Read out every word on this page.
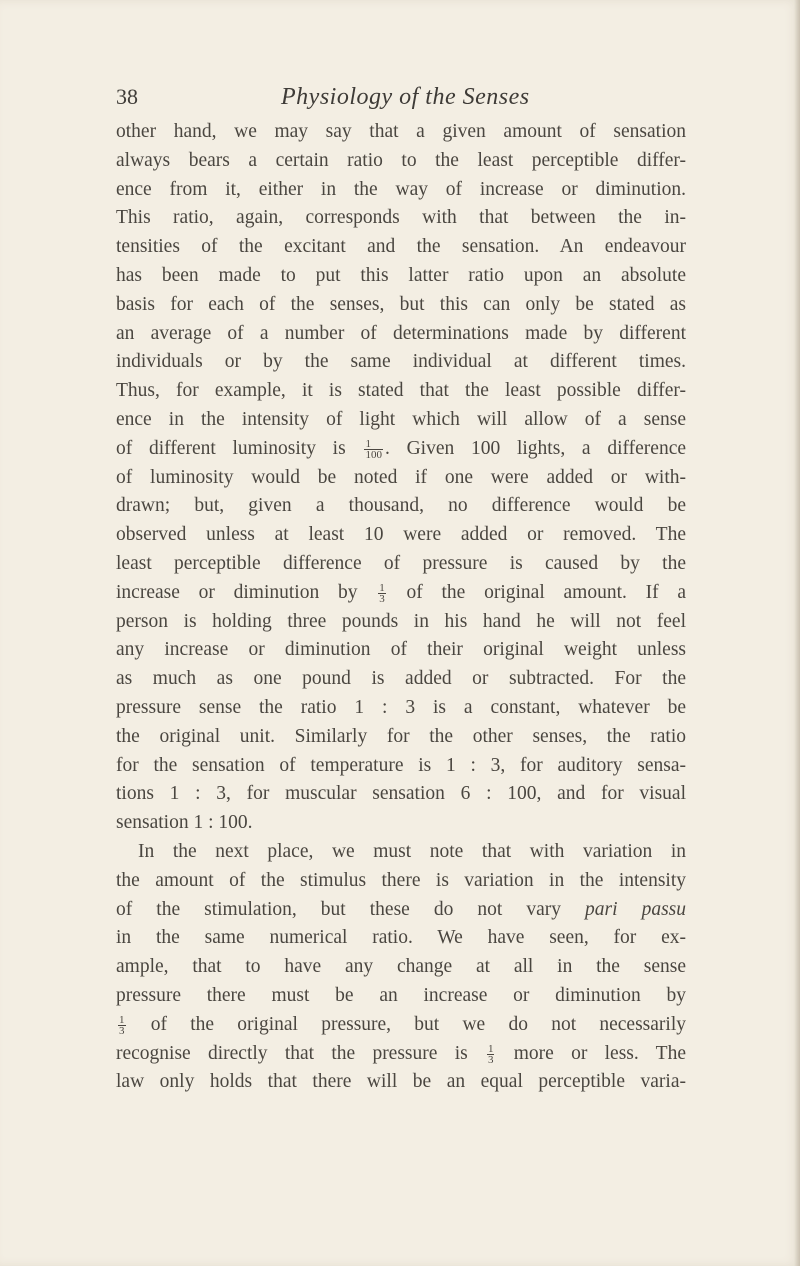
38	Physiology of the Senses
other hand, we may say that a given amount of sensation
always bears a certain ratio to the least perceptible differ-
ence from it, either in the way of increase or diminution.
This ratio, again, corresponds with that between the in-
tensities of the excitant and the sensation. An endeavour
has been made to put this latter ratio upon an absolute
basis for each of the senses, but this can only be stated as
an average of a number of determinations made by different
individuals or by the same individual at different times.
Thus, for example, it is stated that the least possible differ-
ence in the intensity of light which will allow of a sense
of different luminosity is $\frac{1}{100}$ . Given 100 lights, a difference
of luminosity would be noted if one were added or with-
drawn; but, given a thousand, no difference would be
observed unless at least 10 were added or removed. The
least perceptible difference of pressure is caused by the
increase or diminution by $\frac{1}{3}$ of the original amount. If a
person is holding three pounds in his hand he will not feel
any increase or diminution of their original weight unless
as much as one pound is added or subtracted. For the
pressure sense the ratio 1 : 3 is a constant, whatever be
the original unit. Similarly for the other senses, the ratio
for the sensation of temperature is 1 : 3, for auditory sensa-
tions 1 : 3, for muscular sensation 6 : 100, and for visual
sensation 1 : 100.
In the next place, we must note that with variation in
the amount of the stimulus there is variation in the intensity
of the stimulation, but these do not vary pari passu
in the same numerical ratio. We have seen, for ex-
ample, that to have any change at all in the sense
pressure there must be an increase or diminution by
$\frac{1}{3}$ of the original pressure, but we do not necessarily
recognise directly that the pressure is $\frac{1}{3}$ more or less. The
law only holds that there will be an equal perceptible varia-
